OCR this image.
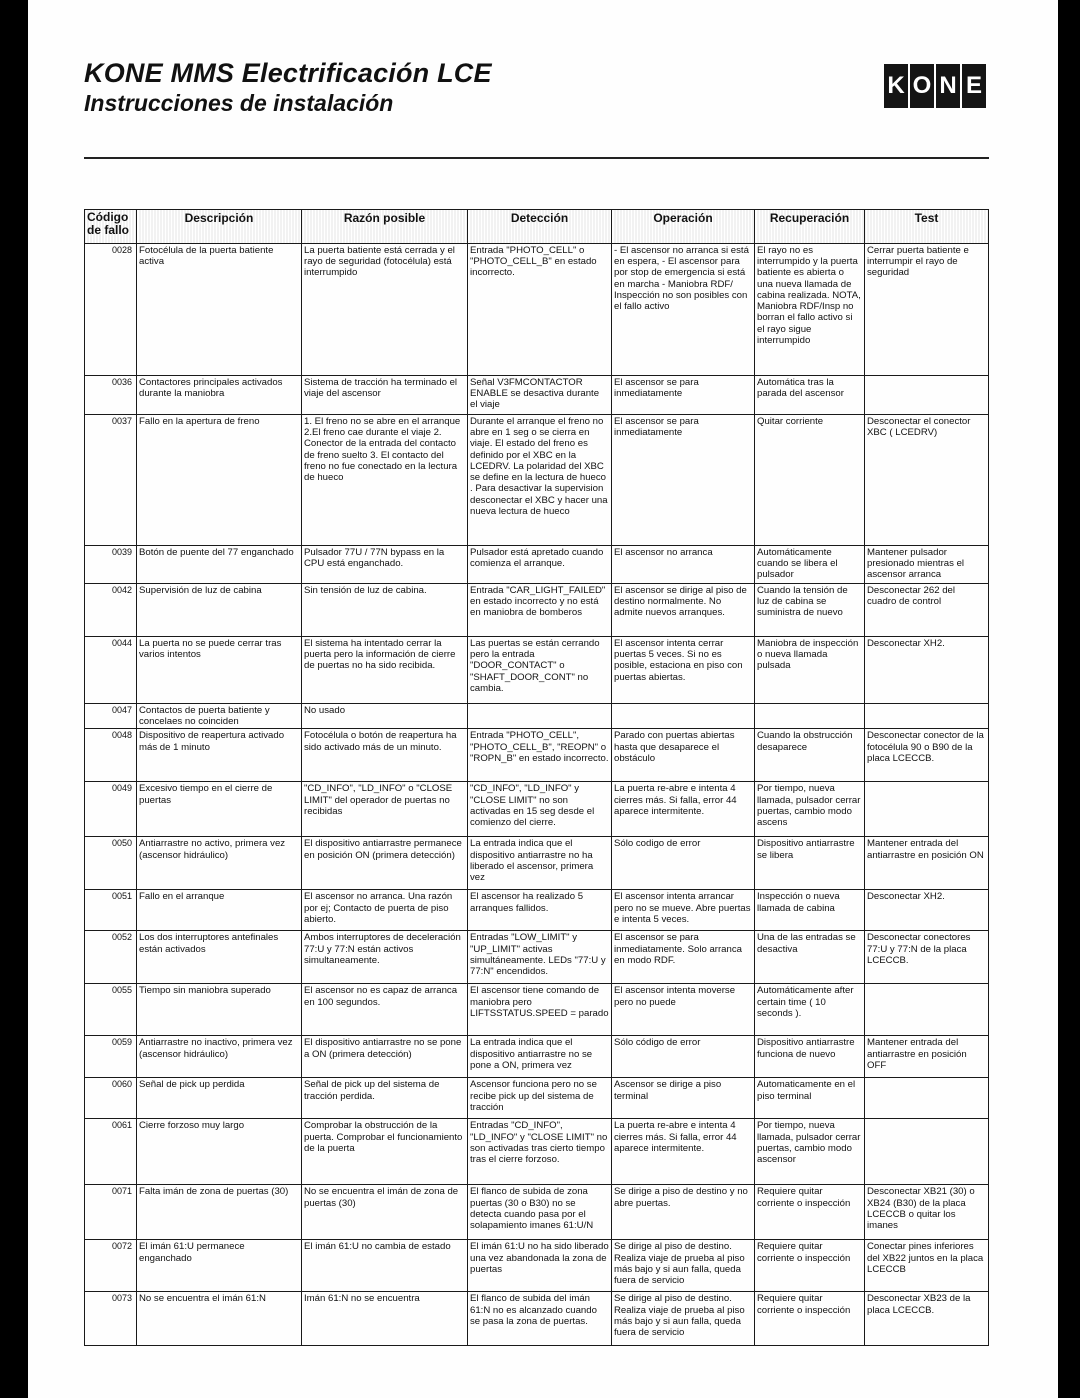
KONE MMS Electrificación LCE
Instrucciones de instalación
K O N E
Código de fallo	Descripción	Razón posible	Detección	Operación	Recuperación	Test
0028	Fotocélula de la puerta batiente activa	La puerta batiente está cerrada y el rayo de seguridad (fotocélula) está interrumpido	Entrada "PHOTO_CELL" o "PHOTO_CELL_B" en estado incorrecto.	- El ascensor no arranca si está en espera, - El ascensor para por stop de emergencia si está en marcha - Maniobra RDF/ Inspección no son posibles con el fallo activo	El rayo no es interrumpido y la puerta batiente es abierta o una nueva llamada de cabina realizada. NOTA, Maniobra RDF/Insp no borran el fallo activo si el rayo sigue interrumpido	Cerrar puerta batiente e interrumpir el rayo de seguridad
0036	Contactores principales activados durante la maniobra	Sistema de tracción ha terminado el viaje del ascensor	Señal V3FMCONTACTOR ENABLE se desactiva durante el viaje	El ascensor se para inmediatamente	Automática tras la parada del ascensor	
0037	Fallo en la apertura de freno	1. El freno no se abre en el arranque 2.El freno cae durante el viaje 2. Conector de la entrada del contacto de freno suelto 3. El contacto del freno no fue conectado en la lectura de hueco	Durante el arranque el freno no abre en 1 seg o se cierra en viaje. El estado del freno es definido por el XBC en la LCEDRV. La polaridad del XBC se define en la lectura de hueco . Para desactivar la supervision desconectar el XBC y hacer una nueva lectura de hueco	El ascensor se para inmediatamente	Quitar corriente	Desconectar el conector XBC ( LCEDRV)
0039	Botón de puente del 77 enganchado	Pulsador 77U / 77N bypass en la CPU está enganchado.	Pulsador está apretado cuando comienza el arranque.	El ascensor no arranca	Automáticamente cuando se libera el pulsador	Mantener pulsador presionado mientras el ascensor arranca
0042	Supervisión de luz de cabina	Sin tensión de luz de cabina.	Entrada "CAR_LIGHT_FAILED" en estado incorrecto y no está en maniobra de bomberos	El ascensor se dirige al piso de destino normalmente. No admite nuevos arranques.	Cuando la tensión de luz de cabina se suministra de nuevo	Desconectar 262 del cuadro de control
0044	La puerta no se puede cerrar tras varios intentos	El sistema ha intentado cerrar la puerta pero la información de cierre de puertas no ha sido recibida.	Las puertas se están cerrando pero la entrada "DOOR_CONTACT" o "SHAFT_DOOR_CONT" no cambia.	El ascensor intenta cerrar puertas 5 veces. Si no es posible, estaciona en piso con puertas abiertas.	Maniobra de inspección o nueva llamada pulsada	Desconectar XH2.
0047	Contactos de puerta batiente y concelaes no coinciden	No usado				
0048	Dispositivo de reapertura activado más de 1 minuto	Fotocélula o botón de reapertura ha sido activado más de un minuto.	Entrada "PHOTO_CELL", "PHOTO_CELL_B", "REOPN" o "ROPN_B" en estado incorrecto.	Parado con puertas abiertas hasta que desaparece el obstáculo	Cuando la obstrucción desaparece	Desconectar conector de la fotocélula 90 o B90 de la placa LCECCB.
0049	Excesivo tiempo en el cierre de puertas	"CD_INFO", "LD_INFO" o "CLOSE LIMIT" del operador de puertas no recibidas	"CD_INFO", "LD_INFO" y "CLOSE LIMIT" no son activadas en 15 seg desde el comienzo del cierre.	La puerta re-abre e intenta 4 cierres más. Si falla, error 44 aparece intermitente.	Por tiempo, nueva llamada, pulsador cerrar puertas, cambio modo ascens	
0050	Antiarrastre no activo, primera vez (ascensor hidráulico)	El dispositivo antiarrastre permanece en posición ON (primera detección)	La entrada indica que el dispositivo antiarrastre no ha liberado el ascensor, primera vez	Sólo codigo de error	Dispositivo antiarrastre se libera	Mantener entrada del antiarrastre en posición ON
0051	Fallo en el arranque	El ascensor no arranca. Una razón por ej; Contacto de puerta de piso abierto.	El ascensor ha realizado 5 arranques fallidos.	El ascensor intenta arrancar pero no se mueve. Abre puertas e intenta 5 veces.	Inspección o nueva llamada de cabina	Desconectar XH2.
0052	Los dos interruptores antefinales están activados	Ambos interruptores de deceleración 77:U y 77:N están activos simultaneamente.	Entradas "LOW_LIMIT" y "UP_LIMIT" activas simultáneamente. LEDs "77:U y 77:N" encendidos.	El ascensor se para inmediatamente. Solo arranca en modo RDF.	Una de las entradas se desactiva	Desconectar conectores 77:U y 77:N de la placa LCECCB.
0055	Tiempo sin maniobra superado	El ascensor no es capaz de arranca en 100 segundos.	El ascensor tiene comando de maniobra pero LIFTSSTATUS.SPEED = parado	El ascensor intenta moverse pero no puede	Automáticamente after certain time ( 10 seconds ).	
0059	Antiarrastre no inactivo, primera vez (ascensor hidráulico)	El dispositivo antiarrastre no se pone a ON (primera detección)	La entrada indica que el dispositivo antiarrastre no se pone a ON, primera vez	Sólo código de error	Dispositivo antiarrastre funciona de nuevo	Mantener entrada del antiarrastre en posición OFF
0060	Señal de pick up perdida	Señal de pick up del sistema de tracción perdida.	Ascensor funciona pero no se recibe pick up del sistema de tracción	Ascensor se dirige a piso terminal	Automaticamente en el piso terminal	
0061	Cierre forzoso muy largo	Comprobar la obstrucción de la puerta. Comprobar el funcionamiento de la puerta	Entradas "CD_INFO", "LD_INFO" y "CLOSE LIMIT" no son activadas tras cierto tiempo tras el cierre forzoso.	La puerta re-abre e intenta 4 cierres más. Si falla, error 44 aparece intermitente.	Por tiempo, nueva llamada, pulsador cerrar puertas, cambio modo ascensor	
0071	Falta imán de zona de puertas (30)	No se encuentra el imán de zona de puertas (30)	El flanco de subida de zona puertas (30 o B30) no se detecta cuando pasa por el solapamiento imanes 61:U/N	Se dirige a piso de destino y no abre puertas.	Requiere quitar corriente o inspección	Desconectar XB21 (30) o XB24 (B30) de la placa LCECCB o quitar los imanes
0072	El imán 61:U permanece enganchado	El imán 61:U no cambia de estado	El imán 61:U no ha sido liberado una vez abandonada la zona de puertas	Se dirige al piso de destino. Realiza viaje de prueba al piso más bajo y si aun falla, queda fuera de servicio	Requiere quitar corriente o inspección	Conectar pines inferiores del XB22 juntos en la placa LCECCB
0073	No se encuentra el imán 61:N	Imán 61:N no se encuentra	El flanco de subida del imán 61:N no es alcanzado cuando se pasa la zona de puertas.	Se dirige al piso de destino. Realiza viaje de prueba al piso más bajo y si aun falla, queda fuera de servicio	Requiere quitar corriente o inspección	Desconectar XB23 de la placa LCECCB.
